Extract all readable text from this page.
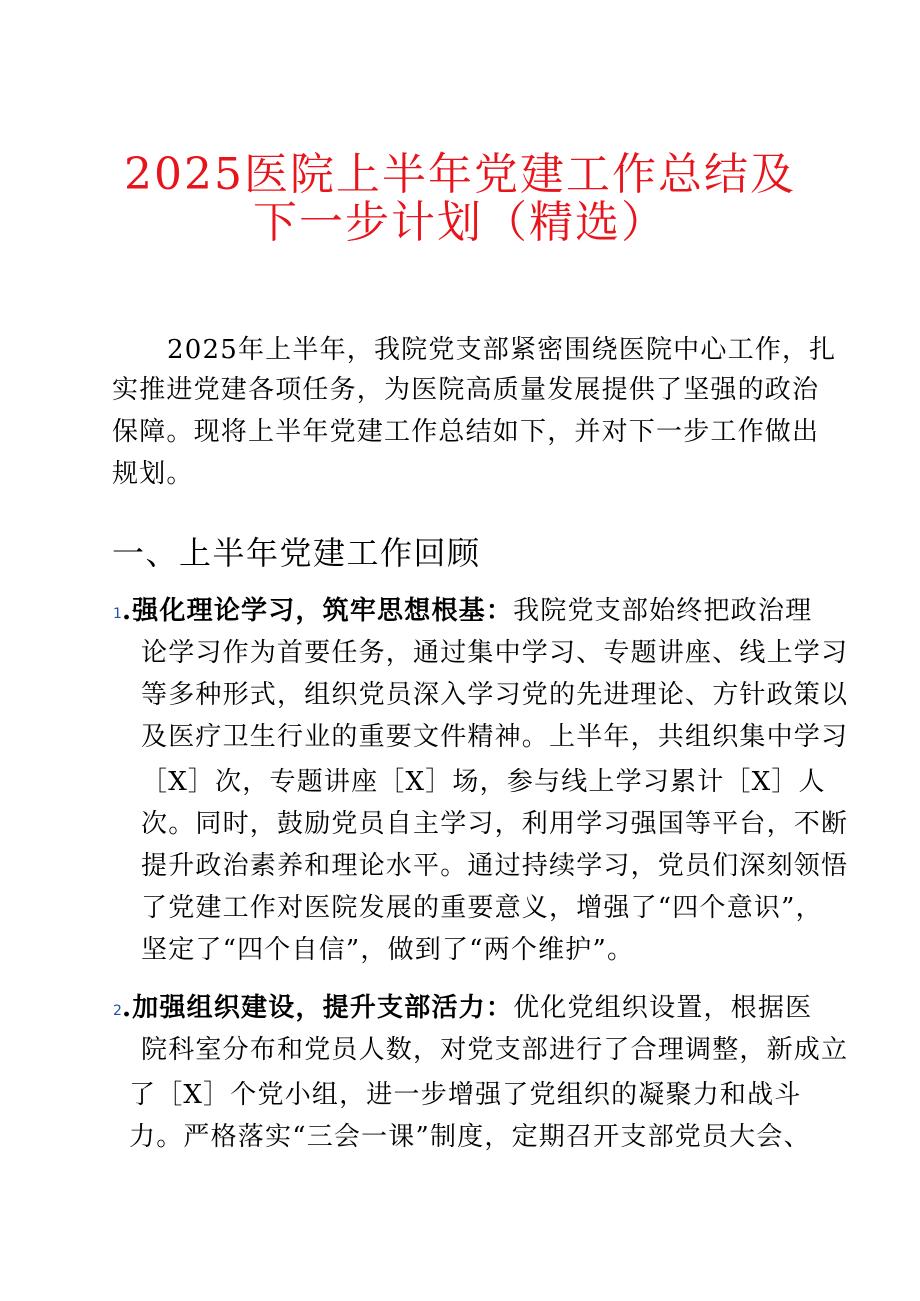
2025医院上半年党建工作总结及
下一步计划（精选）
2025年上半年，我院党支部紧密围绕医院中心工作，扎
实推进党建各项任务，为医院高质量发展提供了坚强的政治
保障。现将上半年党建工作总结如下，并对下一步工作做出
规划。
一、上半年党建工作回顾
1 .强化理论学习，筑牢思想根基：我院党支部始终把政治理
论学习作为首要任务，通过集中学习、专题讲座、线上学习
等多种形式，组织党员深入学习党的先进理论、方针政策以
及医疗卫生行业的重要文件精神。上半年，共组织集中学习
［X］次，专题讲座［X］场，参与线上学习累计［X］人
次。同时，鼓励党员自主学习，利用学习强国等平台，不断
提升政治素养和理论水平。通过持续学习，党员们深刻领悟
了党建工作对医院发展的重要意义，增强了“四个意识”，
坚定了“四个自信”，做到了“两个维护”。
2 .加强组织建设，提升支部活力：优化党组织设置，根据医
院科室分布和党员人数，对党支部进行了合理调整，新成立
了［X］个党小组，进一步增强了党组织的凝聚力和战斗
力。严格落实“三会一课”制度，定期召开支部党员大会、
